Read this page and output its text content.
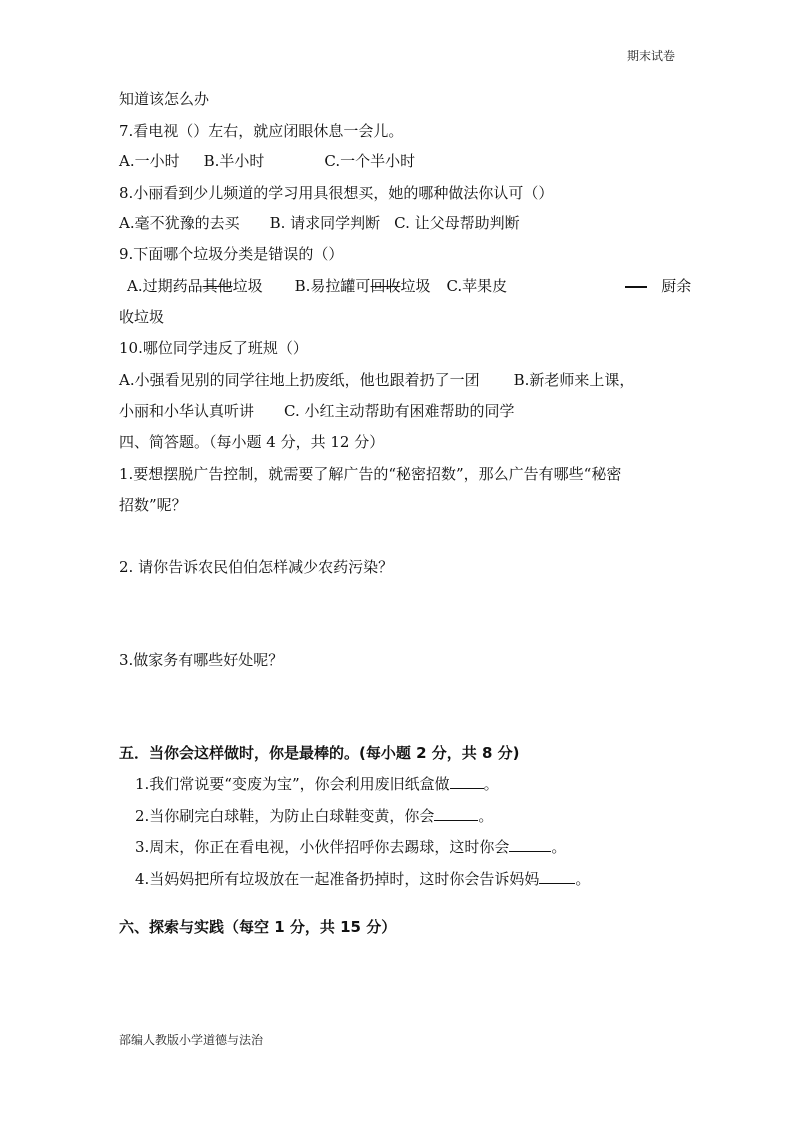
期末试卷
知道该怎么办
7.看电视（）左右，就应闭眼休息一会儿。
A.一小时 B.半小时	C.一个半小时
8.小丽看到少儿频道的学习用具很想买，她的哪种做法你认可（）
A.毫不犹豫的去买 B. 请求同学判断 C. 让父母帮助判断
9.下面哪个垃圾分类是错误的（）
A.过期药品其他垃圾 B.易拉罐可回收垃圾 C.苹果皮	厨余
收垃圾
10.哪位同学违反了班规（）
A.小强看见别的同学往地上扔废纸，他也跟着扔了一团 B.新老师来上课，
小丽和小华认真听讲 C. 小红主动帮助有困难帮助的同学
四、简答题。（每小题 4 分，共 12 分）
1.要想摆脱广告控制，就需要了解广告的“秘密招数”，那么广告有哪些“秘密
招数”呢？
2. 请你告诉农民伯伯怎样减少农药污染？
3.做家务有哪些好处呢？
五．当你会这样做时，你是最棒的。(每小题 2 分，共 8 分)
1.我们常说要“变废为宝”，你会利用废旧纸盒做 。
2.当你刷完白球鞋，为防止白球鞋变黄，你会	。
3.周末，你正在看电视，小伙伴招呼你去踢球，这时你会	。
4.当妈妈把所有垃圾放在一起准备扔掉时，这时你会告诉妈妈 。
六、探索与实践（每空 1 分，共 15 分）
部编人教版小学道德与法治
